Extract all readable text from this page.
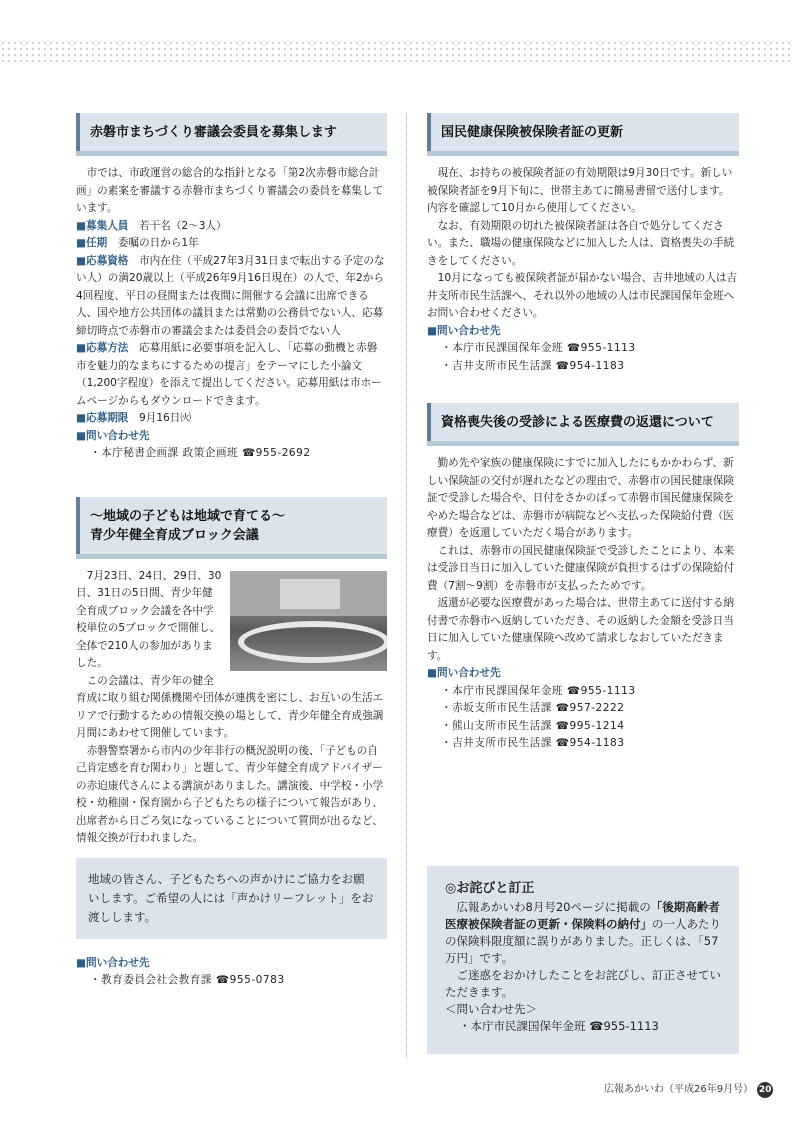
赤磐市まちづくり審議会委員を募集します

市では、市政運営の総合的な指針となる「第2次赤磐市総合計画」の素案を審議する赤磐市まちづくり審議会の委員を募集しています。

■募集人員　 若干名（2～3人）

■任期　 委嘱の日から1年

■応募資格　 市内在住（平成27年3月31日まで転出する予定のない人）の満20歳以上（平成26年9月16日現在）の人で、年2から4回程度、平日の昼間または夜間に開催する会議に出席できる人、国や地方公共団体の議員または常勤の公務員でない人、応募締切時点で赤磐市の審議会または委員会の委員でない人

■応募方法　 応募用紙に必要事項を記入し、「応募の動機と赤磐市を魅力的なまちにするための提言」をテーマにした小論文（1,200字程度）を添えて提出してください。応募用紙は市ホームページからもダウンロードできます。

■応募期限　 9月16日㈫

■問い合わせ先

・本庁秘書企画課 政策企画班 ☎955-2692

～地域の子どもは地域で育てる～
青少年健全育成ブロック会議

7月23日、24日、29日、30日、31日の5日間、青少年健全育成ブロック会議を各中学校単位の5ブロックで開催し、全体で210人の参加がありました。

この会議は、青少年の健全育成に取り組む関係機関や団体が連携を密にし、お互いの生活エリアで行動するための情報交換の場として、青少年健全育成強調月間にあわせて開催しています。

赤磐警察署から市内の少年非行の概況説明の後、「子どもの自己肯定感を育む関わり」と題して、青少年健全育成アドバイザーの赤迫康代さんによる講演がありました。講演後、中学校・小学校・幼稚園・保育園から子どもたちの様子について報告があり、出席者から日ごろ気になっていることについて質問が出るなど、情報交換が行われました。

地域の皆さん、子どもたちへの声かけにご協力をお願いします。ご希望の人には「声かけリーフレット」をお渡しします。

■問い合わせ先

・教育委員会社会教育課 ☎955-0783

国民健康保険被保険者証の更新

現在、お持ちの被保険者証の有効期限は9月30日です。新しい被保険者証を9月下旬に、世帯主あてに簡易書留で送付します。内容を確認して10月から使用してください。

なお、有効期限の切れた被保険者証は各自で処分してください。また、職場の健康保険などに加入した人は、資格喪失の手続きをしてください。

10月になっても被保険者証が届かない場合、吉井地域の人は吉井支所市民生活課へ、それ以外の地域の人は市民課国保年金班へお問い合わせください。

■問い合わせ先

・本庁市民課国保年金班 ☎955-1113

・吉井支所市民生活課 ☎954-1183

資格喪失後の受診による医療費の返還について

勤め先や家族の健康保険にすでに加入したにもかかわらず、新しい保険証の交付が遅れたなどの理由で、赤磐市の国民健康保険証で受診した場合や、日付をさかのぼって赤磐市国民健康保険をやめた場合などは、赤磐市が病院などへ支払った保険給付費（医療費）を返還していただく場合があります。

これは、赤磐市の国民健康保険証で受診したことにより、本来は受診日当日に加入していた健康保険が負担するはずの保険給付費（7割～9割）を赤磐市が支払ったためです。

返還が必要な医療費があった場合は、世帯主あてに送付する納付書で赤磐市へ返納していただき、その返納した金額を受診日当日に加入していた健康保険へ改めて請求しなおしていただきます。

■問い合わせ先

・本庁市民課国保年金班 ☎955-1113

・赤坂支所市民生活課 ☎957-2222

・熊山支所市民生活課 ☎995-1214

・吉井支所市民生活課 ☎954-1183

◎お詫びと訂正

広報あかいわ8月号20ページに掲載の「後期高齢者医療被保険者証の更新・保険料の納付」の一人あたりの保険料限度額に誤りがありました。正しくは、「57万円」です。

ご迷惑をおかけしたことをお詫びし、訂正させていただきます。

＜問い合わせ先＞

・本庁市民課国保年金班 ☎955-1113

広報あかいわ（平成26年9月号） 20
